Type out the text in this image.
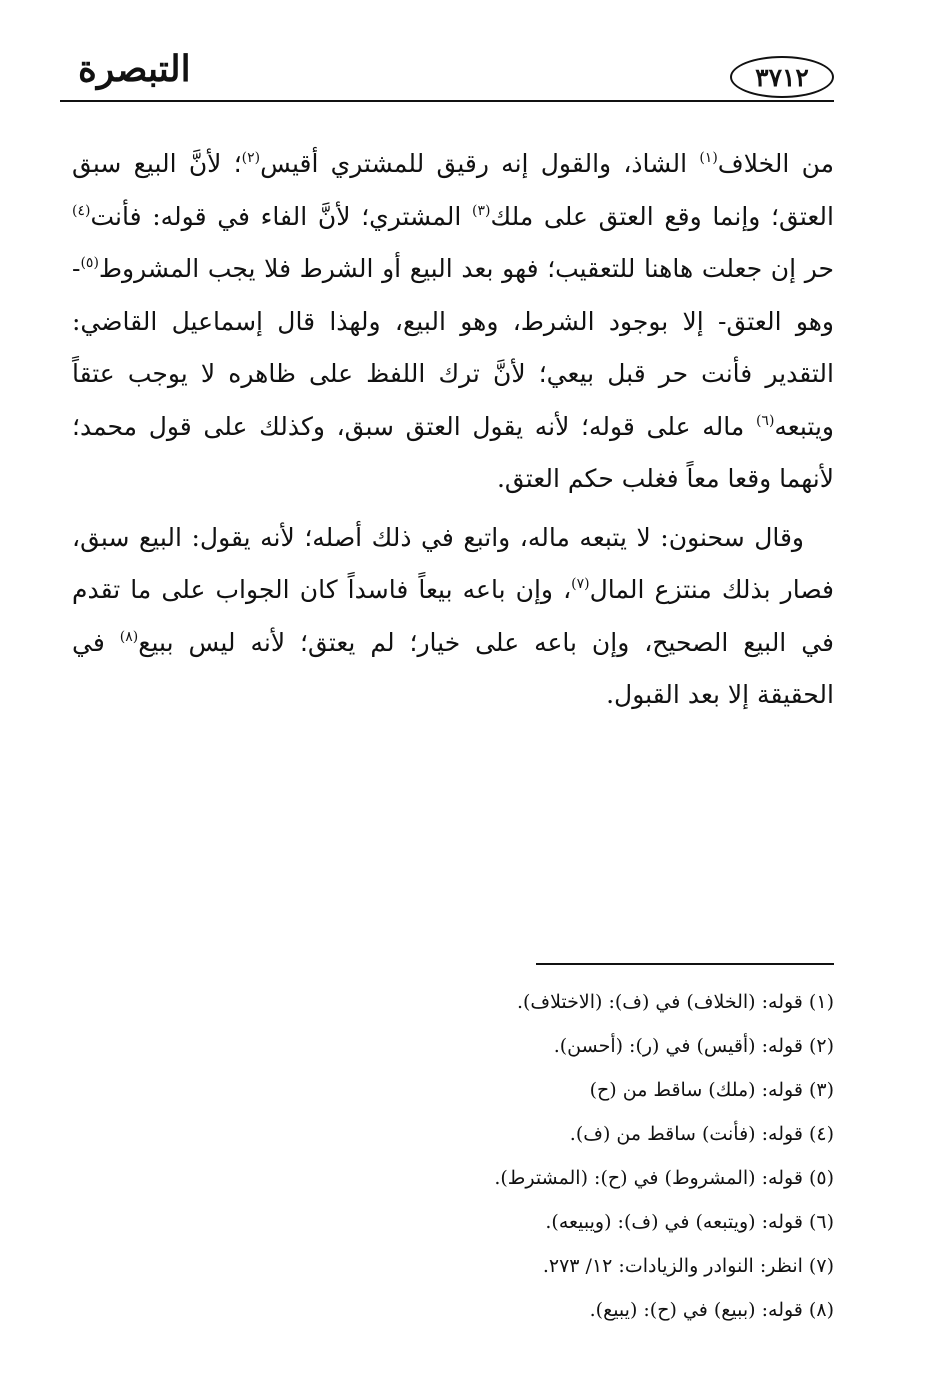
التبصرة	٣٧١٢

من الخلاف$^{(١)}$ الشاذ، والقول إنه رقيق للمشتري أقيس$^{(٢)}$؛ لأنَّ البيع سبق العتق؛ وإنما وقع العتق على ملك$^{(٣)}$ المشتري؛ لأنَّ الفاء في قوله: فأنت$^{(٤)}$ حر إن جعلت هاهنا للتعقيب؛ فهو بعد البيع أو الشرط فلا يجب المشروط$^{(٥)}$- وهو العتق- إلا بوجود الشرط، وهو البيع، ولهذا قال إسماعيل القاضي: التقدير فأنت حر قبل بيعي؛ لأنَّ ترك اللفظ على ظاهره لا يوجب عتقاً ويتبعه$^{(٦)}$ ماله على قوله؛ لأنه يقول العتق سبق، وكذلك على قول محمد؛ لأنهما وقعا معاً فغلب حكم العتق.

وقال سحنون: لا يتبعه ماله، واتبع في ذلك أصله؛ لأنه يقول: البيع سبق، فصار بذلك منتزع المال$^{(٧)}$، وإن باعه بيعاً فاسداً كان الجواب على ما تقدم في البيع الصحيح، وإن باعه على خيار؛ لم يعتق؛ لأنه ليس ببيع$^{(٨)}$ في الحقيقة إلا بعد القبول.

(١) قوله: (الخلاف) في (ف): (الاختلاف).
(٢) قوله: (أقيس) في (ر): (أحسن).
(٣) قوله: (ملك) ساقط من (ح)
(٤) قوله: (فأنت) ساقط من (ف).
(٥) قوله: (المشروط) في (ح): (المشترط).
(٦) قوله: (ويتبعه) في (ف): (ويبيعه).
(٧) انظر: النوادر والزيادات: ١٢/ ٢٧٣.
(٨) قوله: (ببيع) في (ح): (يبيع).
